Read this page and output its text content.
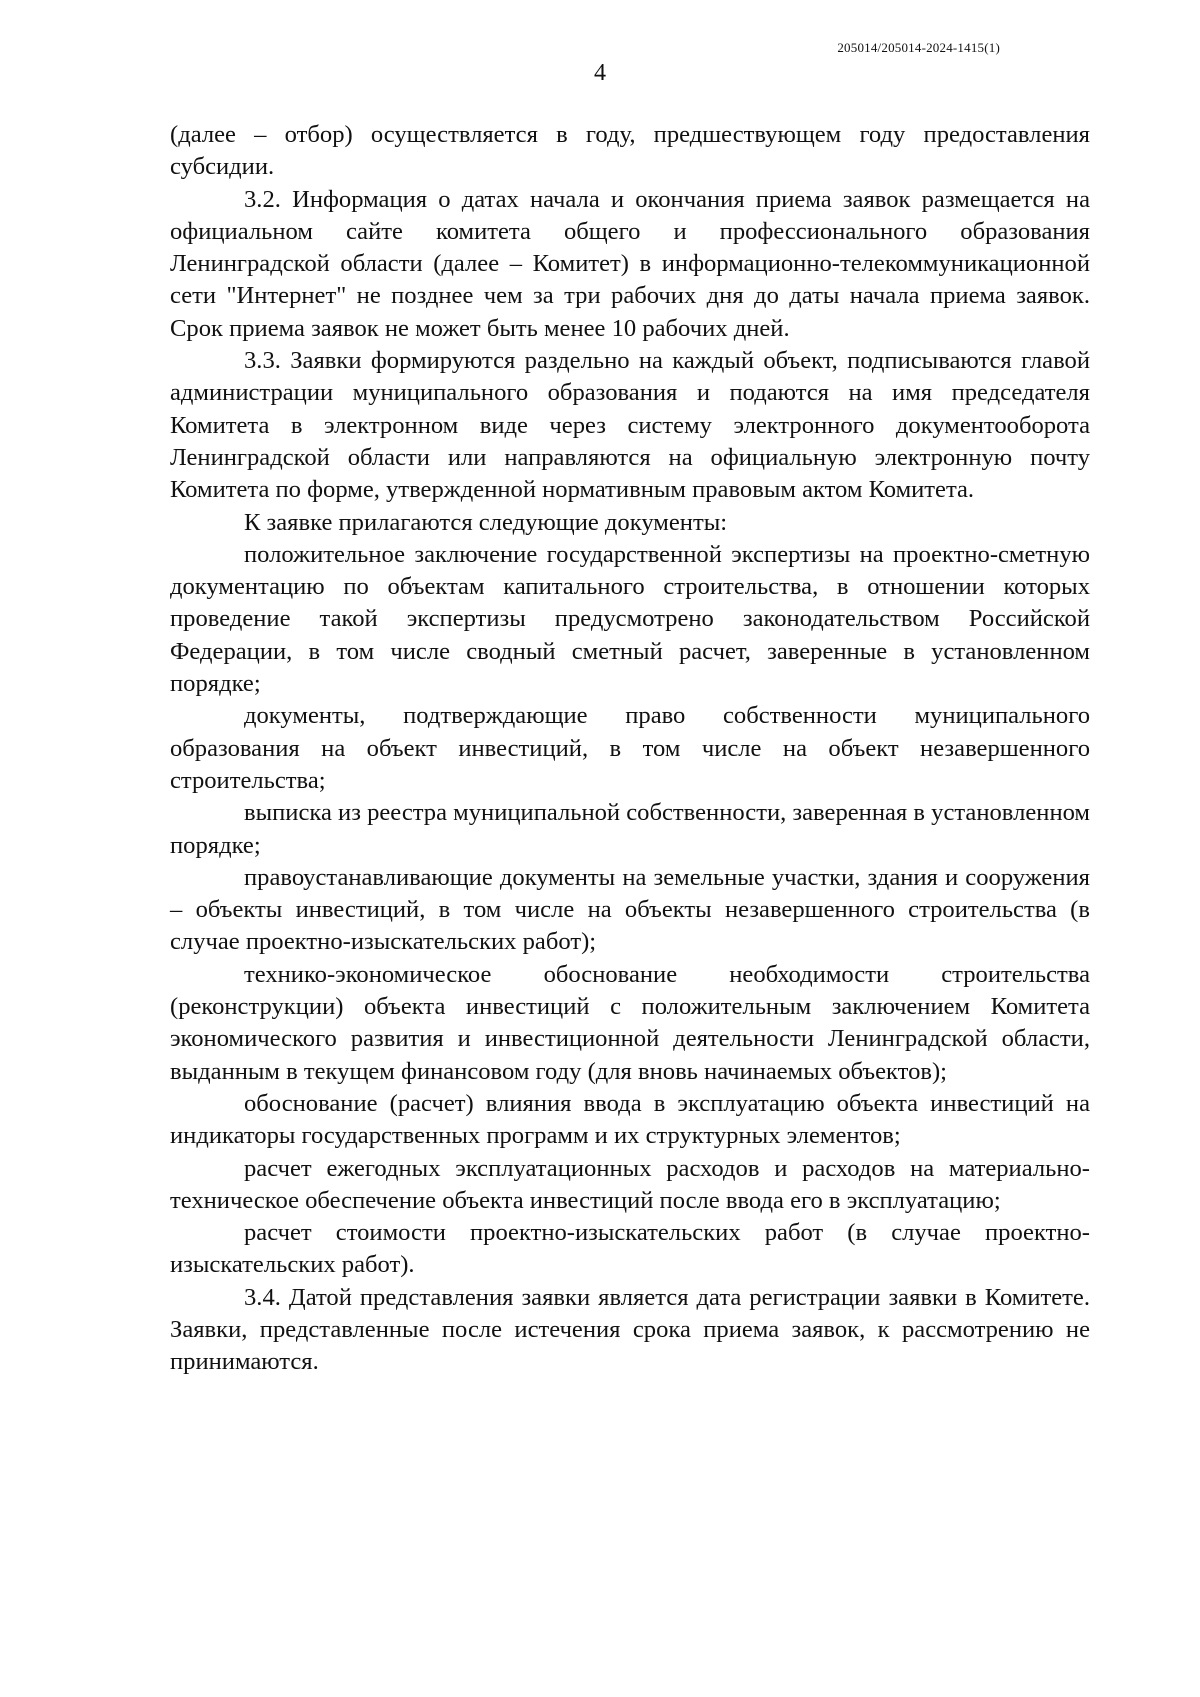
205014/205014-2024-1415(1)
4

(далее – отбор) осуществляется в году, предшествующем году предоставления субсидии.

3.2. Информация о датах начала и окончания приема заявок размещается на официальном сайте комитета общего и профессионального образования Ленинградской области (далее – Комитет) в информационно-телекоммуникационной сети "Интернет" не позднее чем за три рабочих дня до даты начала приема заявок. Срок приема заявок не может быть менее 10 рабочих дней.

3.3. Заявки формируются раздельно на каждый объект, подписываются главой администрации муниципального образования и подаются на имя председателя Комитета в электронном виде через систему электронного документооборота Ленинградской области или направляются на официальную электронную почту Комитета по форме, утвержденной нормативным правовым актом Комитета.

К заявке прилагаются следующие документы:

положительное заключение государственной экспертизы на проектно-сметную документацию по объектам капитального строительства, в отношении которых проведение такой экспертизы предусмотрено законодательством Российской Федерации, в том числе сводный сметный расчет, заверенные в установленном порядке;

документы, подтверждающие право собственности муниципального образования на объект инвестиций, в том числе на объект незавершенного строительства;

выписка из реестра муниципальной собственности, заверенная в установленном порядке;

правоустанавливающие документы на земельные участки, здания и сооружения – объекты инвестиций, в том числе на объекты незавершенного строительства (в случае проектно-изыскательских работ);

технико-экономическое обоснование необходимости строительства (реконструкции) объекта инвестиций с положительным заключением Комитета экономического развития и инвестиционной деятельности Ленинградской области, выданным в текущем финансовом году (для вновь начинаемых объектов);

обоснование (расчет) влияния ввода в эксплуатацию объекта инвестиций на индикаторы государственных программ и их структурных элементов;

расчет ежегодных эксплуатационных расходов и расходов на материально-техническое обеспечение объекта инвестиций после ввода его в эксплуатацию;

расчет стоимости проектно-изыскательских работ (в случае проектно-изыскательских работ).

3.4. Датой представления заявки является дата регистрации заявки в Комитете. Заявки, представленные после истечения срока приема заявок, к рассмотрению не принимаются.
